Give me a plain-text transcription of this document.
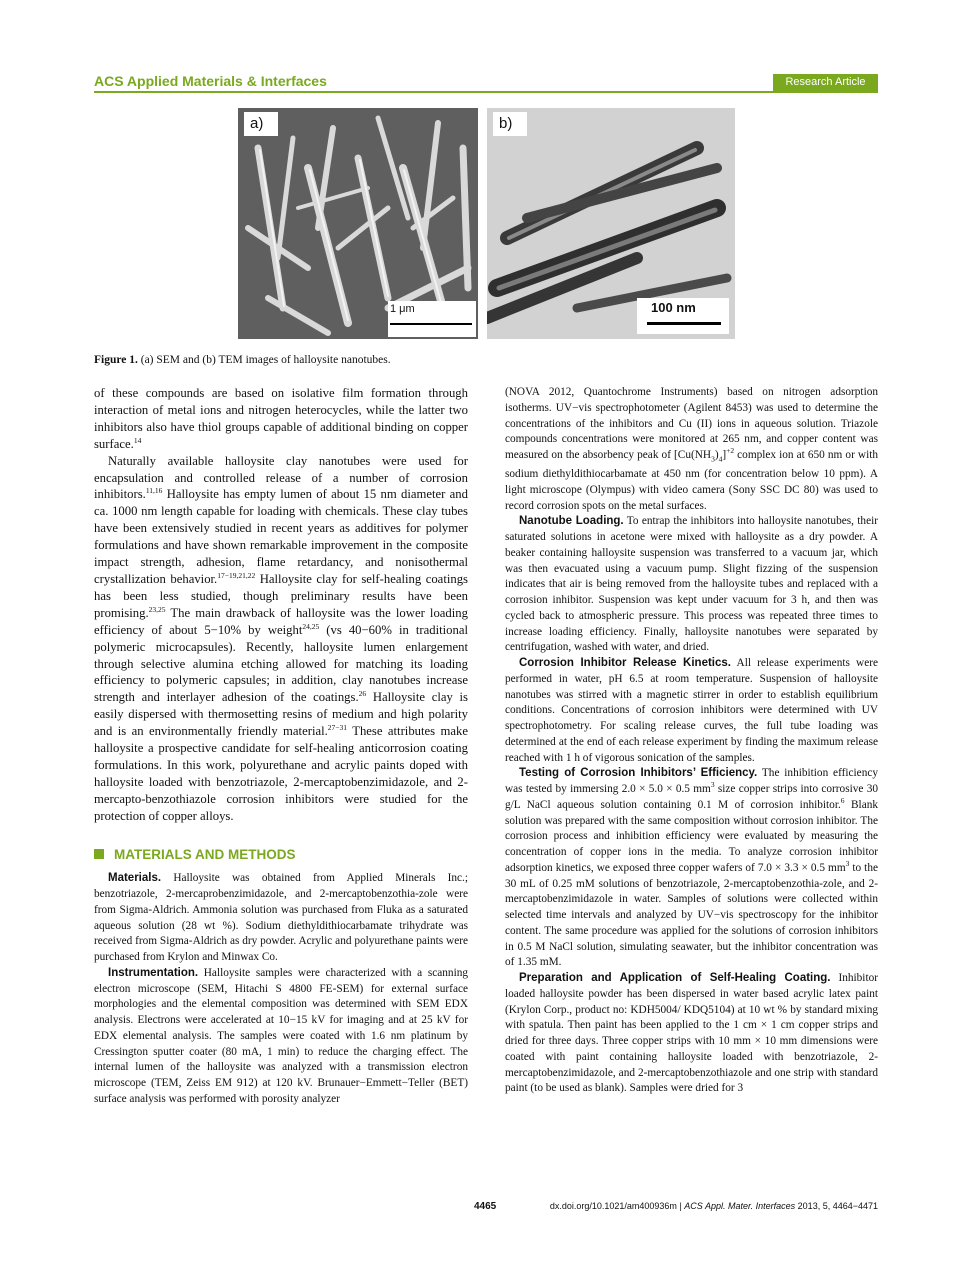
ACS Applied Materials & Interfaces	Research Article
a)
1 μm
b)
100 nm
Figure 1. (a) SEM and (b) TEM images of halloysite nanotubes.

of these compounds are based on isolative film formation through interaction of metal ions and nitrogen heterocycles, while the latter two inhibitors also have thiol groups capable of additional binding on copper surface.$^{14}$

Naturally available halloysite clay nanotubes were used for encapsulation and controlled release of a number of corrosion inhibitors.$^{11,16}$ Halloysite has empty lumen of about 15 nm diameter and ca. 1000 nm length capable for loading with chemicals. These clay tubes have been extensively studied in recent years as additives for polymer formulations and have shown remarkable improvement in the composite impact strength, adhesion, flame retardancy, and nonisothermal crystallization behavior.$^{17-19,21,22}$ Halloysite clay for self-healing coatings has been less studied, though preliminary results have been promising.$^{23,25}$ The main drawback of halloysite was the lower loading efficiency of about 5−10% by weight$^{24,25}$ (vs 40−60% in traditional polymeric microcapsules). Recently, halloysite lumen enlargement through selective alumina etching allowed for matching its loading efficiency to polymeric capsules; in addition, clay nanotubes increase strength and interlayer adhesion of the coatings.$^{26}$ Halloysite clay is easily dispersed with thermosetting resins of medium and high polarity and is an environmentally friendly material.$^{27-31}$ These attributes make halloysite a prospective candidate for self-healing anticorrosion coating formulations. In this work, polyurethane and acrylic paints doped with halloysite loaded with benzotriazole, 2-mercaptobenzimidazole, and 2-mercapto-benzothiazole corrosion inhibitors were studied for the protection of copper alloys.

MATERIALS AND METHODS

Materials. Halloysite was obtained from Applied Minerals Inc.; benzotriazole, 2-mercaprobenzimidazole, and 2-mercaptobenzothia-zole were from Sigma-Aldrich. Ammonia solution was purchased from Fluka as a saturated aqueous solution (28 wt %). Sodium diethyldithiocarbamate trihydrate was received from Sigma-Aldrich as dry powder. Acrylic and polyurethane paints were purchased from Krylon and Minwax Co.

Instrumentation. Halloysite samples were characterized with a scanning electron microscope (SEM, Hitachi S 4800 FE-SEM) for external surface morphologies and the elemental composition was determined with SEM EDX analysis. Electrons were accelerated at 10−15 kV for imaging and at 25 kV for EDX elemental analysis. The samples were coated with 1.6 nm platinum by Cressington sputter coater (80 mA, 1 min) to reduce the charging effect. The internal lumen of the halloysite was analyzed with a transmission electron microscope (TEM, Zeiss EM 912) at 120 kV. Brunauer−Emmett−Teller (BET) surface analysis was performed with porosity analyzer

(NOVA 2012, Quantochrome Instruments) based on nitrogen adsorption isotherms. UV−vis spectrophotometer (Agilent 8453) was used to determine the concentrations of the inhibitors and Cu (II) ions in aqueous solution. Triazole compounds concentrations were monitored at 265 nm, and copper content was measured on the absorbency peak of $[Cu(NH_3)_4]^{+2}$ complex ion at 650 nm or with sodium diethyldithiocarbamate at 450 nm (for concentration below 10 ppm). A light microscope (Olympus) with video camera (Sony SSC DC 80) was used to record corrosion spots on the metal surfaces.

Nanotube Loading. To entrap the inhibitors into halloysite nanotubes, their saturated solutions in acetone were mixed with halloysite as a dry powder. A beaker containing halloysite suspension was transferred to a vacuum jar, which was then evacuated using a vacuum pump. Slight fizzing of the suspension indicates that air is being removed from the halloysite tubes and replaced with a corrosion inhibitor. Suspension was kept under vacuum for 3 h, and then was cycled back to atmospheric pressure. This process was repeated three times to increase loading efficiency. Finally, halloysite nanotubes were separated by centrifugation, washed with water, and dried.

Corrosion Inhibitor Release Kinetics. All release experiments were performed in water, pH 6.5 at room temperature. Suspension of halloysite nanotubes was stirred with a magnetic stirrer in order to establish equilibrium conditions. Concentrations of corrosion inhibitors were determined with UV spectrophotometry. For scaling release curves, the full tube loading was determined at the end of each release experiment by finding the maximum release reached with 1 h of vigorous sonication of the samples.

Testing of Corrosion Inhibitors’ Efficiency. The inhibition efficiency was tested by immersing 2.0 × 5.0 × 0.5 $mm^3$ size copper strips into corrosive 30 g/L NaCl aqueous solution containing 0.1 M of corrosion inhibitor.$^6$ Blank solution was prepared with the same composition without corrosion inhibitor. The corrosion process and inhibition efficiency were evaluated by measuring the concentration of copper ions in the media. To analyze corrosion inhibitor adsorption kinetics, we exposed three copper wafers of 7.0 × 3.3 × 0.5 $mm^3$ to the 30 mL of 0.25 mM solutions of benzotriazole, 2-mercaptobenzothia-zole, and 2-mercaptobenzimidazole in water. Samples of solutions were collected within selected time intervals and analyzed by UV−vis spectroscopy for the inhibitor content. The same procedure was applied for the solutions of corrosion inhibitors in 0.5 M NaCl solution, simulating seawater, but the inhibitor concentration was of 1.35 mM.

Preparation and Application of Self-Healing Coating. Inhibitor loaded halloysite powder has been dispersed in water based acrylic latex paint (Krylon Corp., product no: KDH5004/ KDQ5104) at 10 wt % by standard mixing with spatula. Then paint has been applied to the 1 cm × 1 cm copper strips and dried for three days. Three copper strips with 10 mm × 10 mm dimensions were coated with paint containing halloysite loaded with benzotriazole, 2-mercaptobenzimidazole, and 2-mercaptobenzothiazole and one strip with standard paint (to be used as blank). Samples were dried for 3

4465	dx.doi.org/10.1021/am400936m | ACS Appl. Mater. Interfaces 2013, 5, 4464−4471
